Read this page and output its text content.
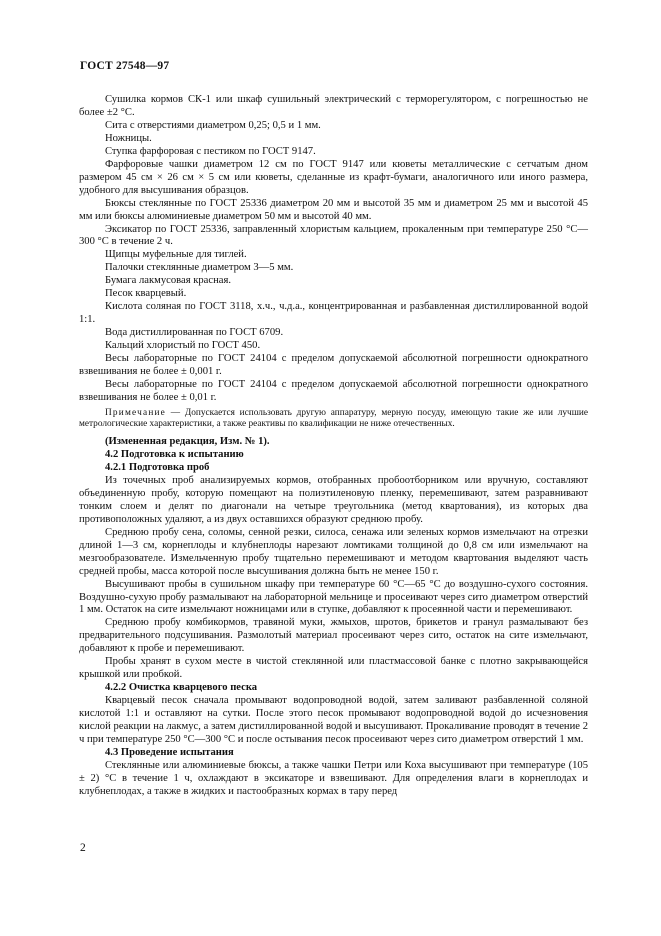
ГОСТ 27548—97

Сушилка кормов СК-1 или шкаф сушильный электрический с терморегулятором, с погрешностью не более ±2 °С.

Сита с отверстиями диаметром 0,25; 0,5 и 1 мм.

Ножницы.

Ступка фарфоровая с пестиком по ГОСТ 9147.

Фарфоровые чашки диаметром 12 см по ГОСТ 9147 или кюветы металлические с сетчатым дном размером 45 см × 26 см × 5 см или кюветы, сделанные из крафт-бумаги, аналогичного или иного размера, удобного для высушивания образцов.

Бюксы стеклянные по ГОСТ 25336 диаметром 20 мм и высотой 35 мм и диаметром 25 мм и высотой 45 мм или бюксы алюминиевые диаметром 50 мм и высотой 40 мм.

Эксикатор по ГОСТ 25336, заправленный хлористым кальцием, прокаленным при температуре 250 °С—300 °С в течение 2 ч.

Щипцы муфельные для тиглей.

Палочки стеклянные диаметром 3—5 мм.

Бумага лакмусовая красная.

Песок кварцевый.

Кислота соляная по ГОСТ 3118, х.ч., ч.д.а., концентрированная и разбавленная дистиллированной водой 1:1.

Вода дистиллированная по ГОСТ 6709.

Кальций хлористый по ГОСТ 450.

Весы лабораторные по ГОСТ 24104 с пределом допускаемой абсолютной погрешности однократного взвешивания не более ± 0,001 г.

Весы лабораторные по ГОСТ 24104 с пределом допускаемой абсолютной погрешности однократного взвешивания не более ± 0,01 г.

Примечание — Допускается использовать другую аппаратуру, мерную посуду, имеющую такие же или лучшие метрологические характеристики, а также реактивы по квалификации не ниже отечественных.

(Измененная редакция, Изм. № 1).

4.2 Подготовка к испытанию

4.2.1 Подготовка проб

Из точечных проб анализируемых кормов, отобранных пробоотборником или вручную, составляют объединенную пробу, которую помещают на полиэтиленовую пленку, перемешивают, затем разравнивают тонким слоем и делят по диагонали на четыре треугольника (метод квартования), из которых два противоположных удаляют, а из двух оставшихся образуют среднюю пробу.

Среднюю пробу сена, соломы, сенной резки, силоса, сенажа или зеленых кормов измельчают на отрезки длиной 1—3 см, корнеплоды и клубнеплоды нарезают ломтиками толщиной до 0,8 см или измельчают на мезгообразователе. Измельченную пробу тщательно перемешивают и методом квартования выделяют часть средней пробы, масса которой после высушивания должна быть не менее 150 г.

Высушивают пробы в сушильном шкафу при температуре 60 °С—65 °С до воздушно-сухого состояния. Воздушно-сухую пробу размалывают на лабораторной мельнице и просеивают через сито диаметром отверстий 1 мм. Остаток на сите измельчают ножницами или в ступке, добавляют к просеянной части и перемешивают.

Среднюю пробу комбикормов, травяной муки, жмыхов, шротов, брикетов и гранул размалывают без предварительного подсушивания. Размолотый материал просеивают через сито, остаток на сите измельчают, добавляют к пробе и перемешивают.

Пробы хранят в сухом месте в чистой стеклянной или пластмассовой банке с плотно закрывающейся крышкой или пробкой.

4.2.2 Очистка кварцевого песка

Кварцевый песок сначала промывают водопроводной водой, затем заливают разбавленной соляной кислотой 1:1 и оставляют на сутки. После этого песок промывают водопроводной водой до исчезновения кислой реакции на лакмус, а затем дистиллированной водой и высушивают. Прокаливание проводят в течение 2 ч при температуре 250 °С—300 °С и после остывания песок просеивают через сито диаметром отверстий 1 мм.

4.3 Проведение испытания

Стеклянные или алюминиевые бюксы, а также чашки Петри или Коха высушивают при температуре (105 ± 2) °С в течение 1 ч, охлаждают в эксикаторе и взвешивают. Для определения влаги в корнеплодах и клубнеплодах, а также в жидких и пастообразных кормах в тару перед

2
